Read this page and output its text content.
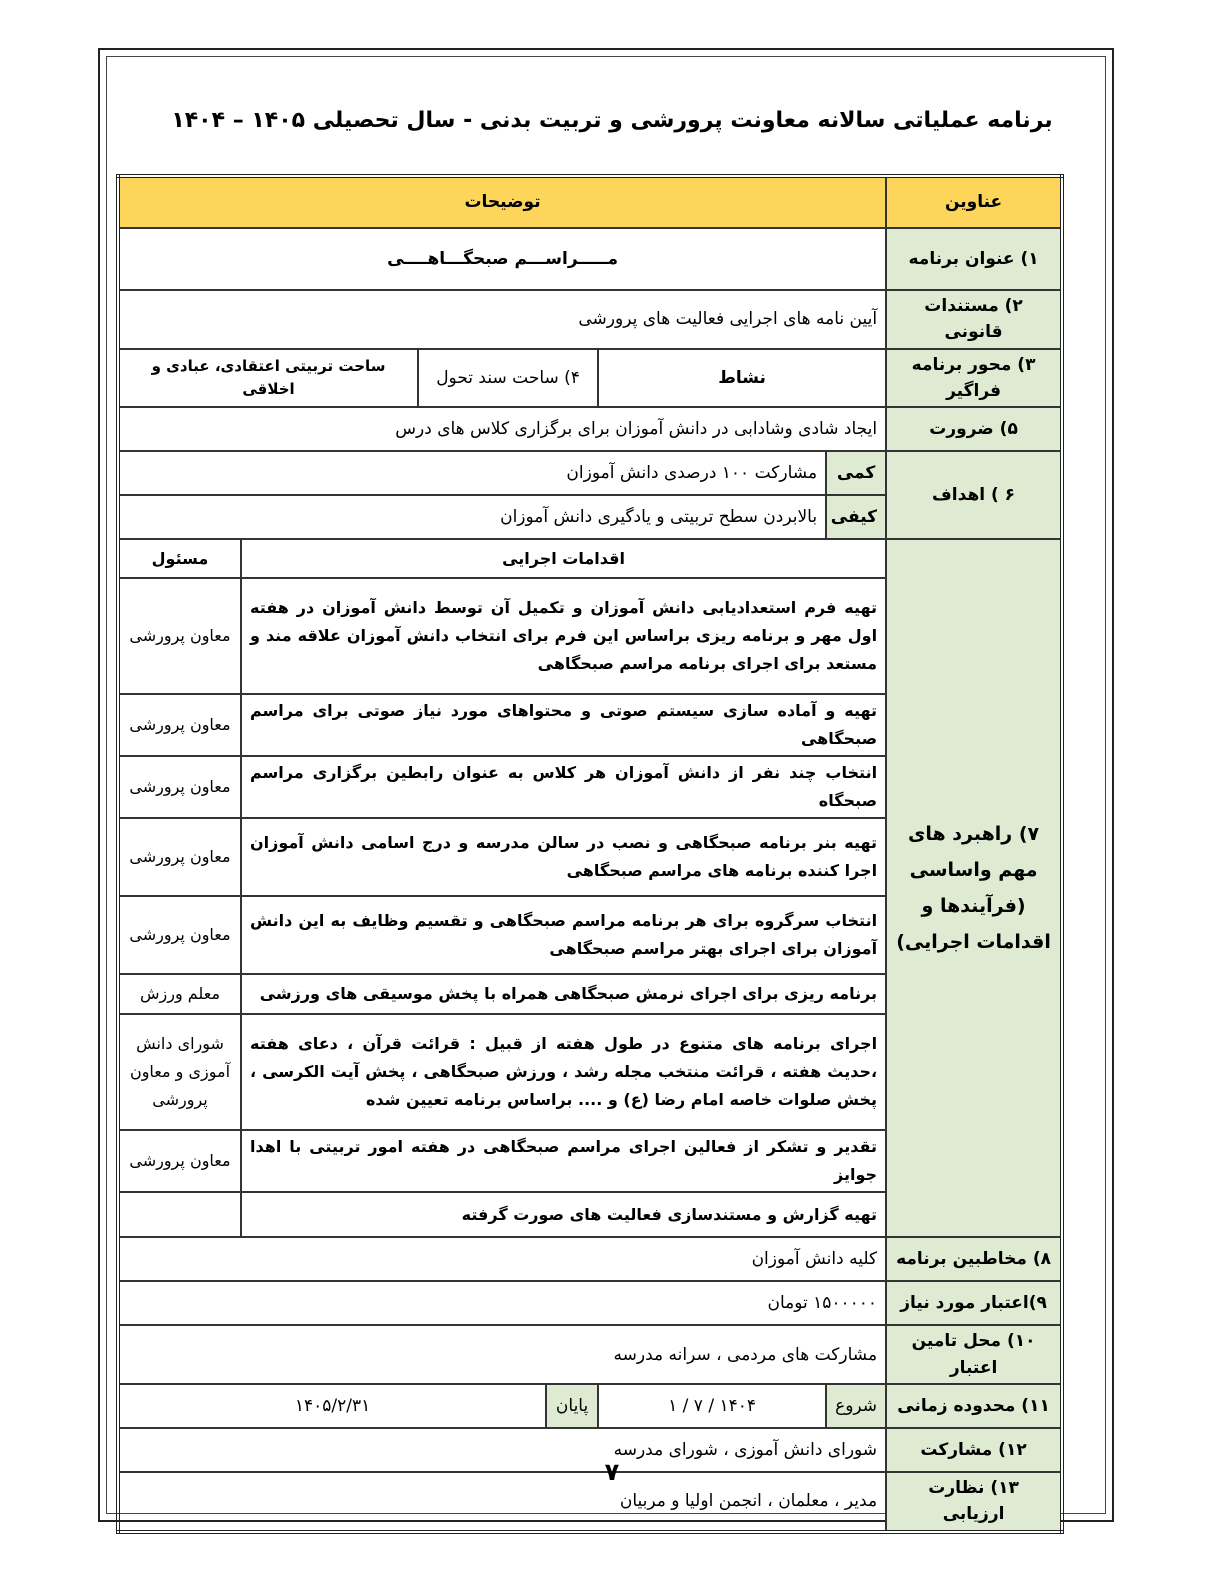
برنامه عملیاتی سالانه معاونت پرورشی و تربیت بدنی - سال تحصیلی ۱۴۰۵ – ۱۴۰۴
عناوین	توضیحات
۱) عنوان برنامه	مـــــراســـم صبحگـــاهــــی
۲) مستندات قانونی	آیین نامه های اجرایی فعالیت های پرورشی
۳) محور برنامه فراگیر	نشاط	۴) ساحت سند تحول	ساحت تربیتی اعتقادی، عبادی و اخلاقی
۵) ضرورت	ایجاد شادی وشادابی در دانش آموزان برای برگزاری کلاس های درس
۶ ) اهداف	کمی	مشارکت ۱۰۰ درصدی دانش آموزان
کیفی	بالابردن سطح تربیتی و یادگیری دانش آموزان
۷) راهبرد های مهم واساسی (فرآیندها و اقدامات اجرایی)	
اقدامات اجرایی	مسئول
تهیه فرم استعدادیابی دانش آموزان و تکمیل آن توسط دانش آموزان در هفته اول مهر و برنامه ریزی براساس این فرم برای انتخاب دانش آموزان علاقه مند و مستعد برای اجرای برنامه مراسم صبحگاهی	معاون پرورشی
تهیه و آماده سازی سیستم صوتی و محتواهای مورد نیاز صوتی برای مراسم صبحگاهی	معاون پرورشی
انتخاب چند نفر از دانش آموزان هر کلاس به عنوان رابطین برگزاری مراسم صبحگاه	معاون پرورشی
تهیه بنر برنامه صبحگاهی و نصب در سالن مدرسه و درج اسامی دانش آموزان اجرا کننده برنامه های مراسم صبحگاهی	معاون پرورشی
انتخاب سرگروه برای هر برنامه مراسم صبحگاهی و تقسیم وظایف به این دانش آموزان برای اجرای بهتر مراسم صبحگاهی	معاون پرورشی
برنامه ریزی برای اجرای نرمش صبحگاهی همراه با پخش موسیقی های ورزشی	معلم ورزش
اجرای برنامه های متنوع در طول هفته از قبیل : قرائت قرآن ، دعای هفته ،حدیث هفته ، قرائت منتخب مجله رشد ، ورزش صبحگاهی ، پخش آیت الکرسی ، پخش صلوات خاصه امام رضا (ع) و .... براساس برنامه تعیین شده	شورای دانش آموزی و معاون پرورشی
تقدیر و تشکر از فعالین اجرای مراسم صبحگاهی در هفته امور تربیتی با اهدا جوایز	معاون پرورشی
تهیه گزارش و مستندسازی فعالیت های صورت گرفته	

۸) مخاطبین برنامه	کلیه دانش آموزان
۹)اعتبار مورد نیاز	۱۵۰۰۰۰۰ تومان
۱۰) محل تامین اعتبار	مشارکت های مردمی ، سرانه مدرسه
۱۱) محدوده زمانی	شروع	۱۴۰۴ / ۷ / ۱	پایان	۱۴۰۵/۲/۳۱
۱۲) مشارکت	شورای دانش آموزی ، شورای مدرسه
۱۳) نظارت ارزیابی	مدیر ، معلمان ، انجمن اولیا و مربیان
۷
